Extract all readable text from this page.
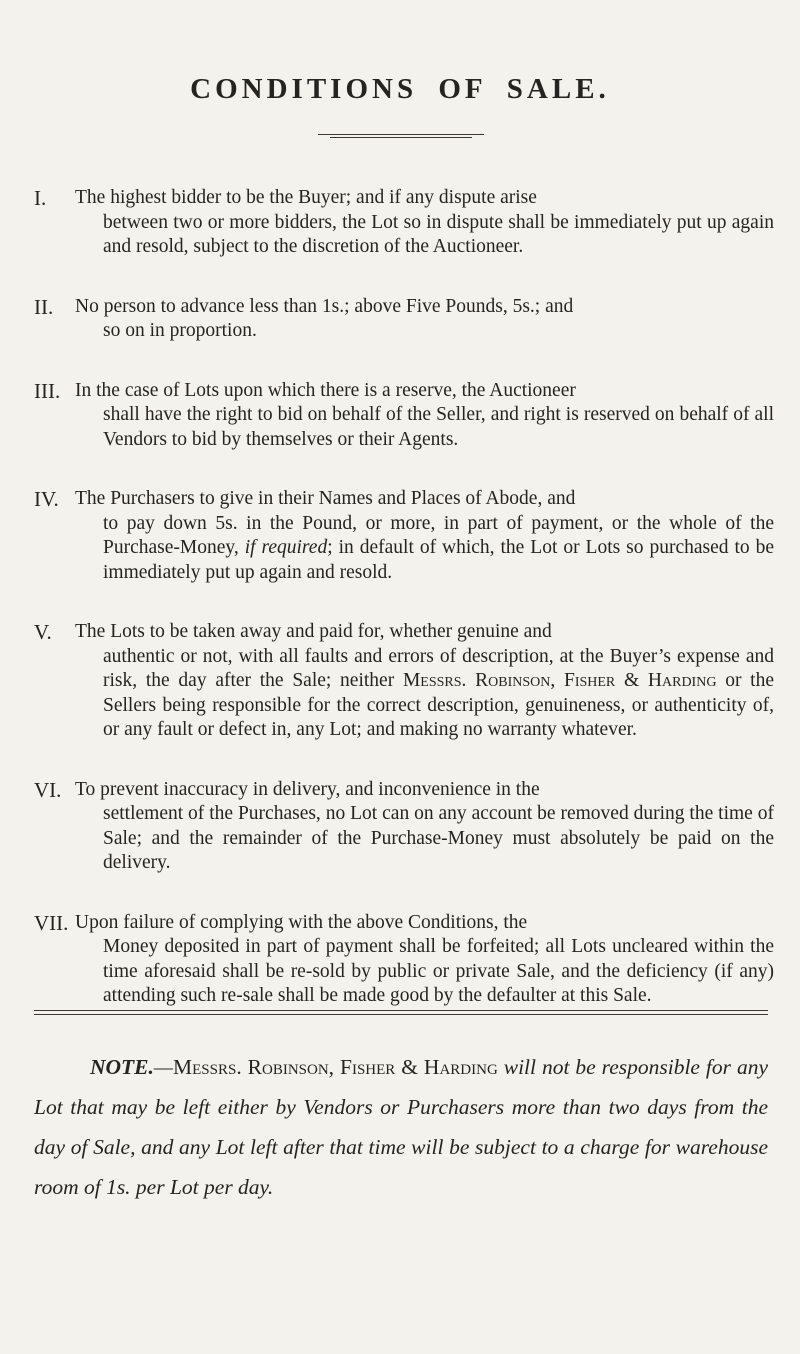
CONDITIONS OF SALE.
I. The highest bidder to be the Buyer; and if any dispute arise
between two or more bidders, the Lot so in dispute shall be immediately put up again and resold, subject to the discretion of the Auctioneer.
II. No person to advance less than 1s.; above Five Pounds, 5s.; and
so on in proportion.
III. In the case of Lots upon which there is a reserve, the Auctioneer
shall have the right to bid on behalf of the Seller, and right is reserved on behalf of all Vendors to bid by themselves or their Agents.
IV. The Purchasers to give in their Names and Places of Abode, and
to pay down 5s. in the Pound, or more, in part of payment, or the whole of the Purchase-Money, if required; in default of which, the Lot or Lots so purchased to be immediately put up again and resold.
V. The Lots to be taken away and paid for, whether genuine and
authentic or not, with all faults and errors of description, at the Buyer’s expense and risk, the day after the Sale; neither Messrs. Robinson, Fisher & Harding or the Sellers being responsible for the correct description, genuineness, or authenticity of, or any fault or defect in, any Lot; and making no warranty whatever.
VI. To prevent inaccuracy in delivery, and inconvenience in the
settlement of the Purchases, no Lot can on any account be removed during the time of Sale; and the remainder of the Purchase-Money must absolutely be paid on the delivery.
VII. Upon failure of complying with the above Conditions, the
Money deposited in part of payment shall be forfeited; all Lots uncleared within the time aforesaid shall be re-sold by public or private Sale, and the deficiency (if any) attending such re-sale shall be made good by the defaulter at this Sale.
NOTE.—Messrs. Robinson, Fisher & Harding will not be responsible for any Lot that may be left either by Vendors or Purchasers more than two days from the day of Sale, and any Lot left after that time will be subject to a charge for warehouse room of 1s. per Lot per day.
